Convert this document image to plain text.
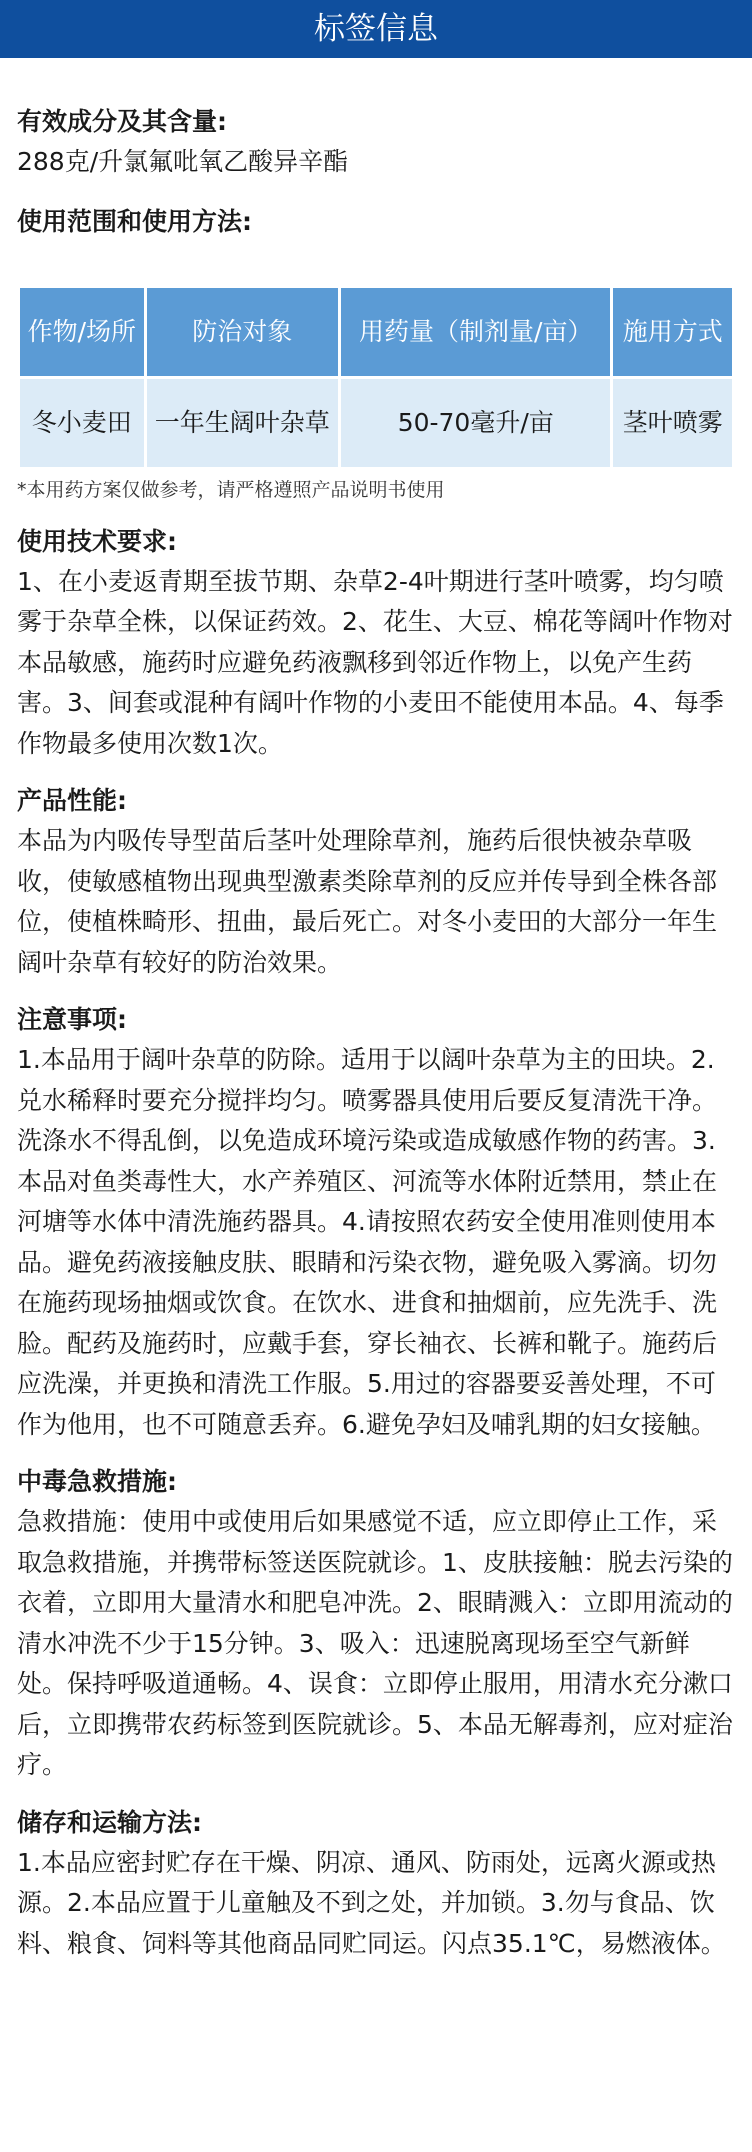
标签信息

有效成分及其含量:

288克/升氯氟吡氧乙酸异辛酯

使用范围和使用方法:

作物/场所	防治对象	用药量（制剂量/亩）	施用方式
冬小麦田	一年生阔叶杂草	50-70毫升/亩	茎叶喷雾
*本用药方案仅做参考，请严格遵照产品说明书使用

使用技术要求:

1、在小麦返青期至拔节期、杂草2-4叶期进行茎叶喷雾，均匀喷雾于杂草全株，以保证药效。2、花生、大豆、棉花等阔叶作物对本品敏感，施药时应避免药液飘移到邻近作物上，以免产生药害。3、间套或混种有阔叶作物的小麦田不能使用本品。4、每季作物最多使用次数1次。

产品性能:

本品为内吸传导型苗后茎叶处理除草剂，施药后很快被杂草吸收，使敏感植物出现典型激素类除草剂的反应并传导到全株各部位，使植株畸形、扭曲，最后死亡。对冬小麦田的大部分一年生阔叶杂草有较好的防治效果。

注意事项:

1.本品用于阔叶杂草的防除。适用于以阔叶杂草为主的田块。2.兑水稀释时要充分搅拌均匀。喷雾器具使用后要反复清洗干净。洗涤水不得乱倒，以免造成环境污染或造成敏感作物的药害。3.本品对鱼类毒性大，水产养殖区、河流等水体附近禁用，禁止在河塘等水体中清洗施药器具。4.请按照农药安全使用准则使用本品。避免药液接触皮肤、眼睛和污染衣物，避免吸入雾滴。切勿在施药现场抽烟或饮食。在饮水、进食和抽烟前，应先洗手、洗脸。配药及施药时，应戴手套，穿长袖衣、长裤和靴子。施药后应洗澡，并更换和清洗工作服。5.用过的容器要妥善处理，不可作为他用，也不可随意丢弃。6.避免孕妇及哺乳期的妇女接触。

中毒急救措施:

急救措施：使用中或使用后如果感觉不适，应立即停止工作，采取急救措施，并携带标签送医院就诊。1、皮肤接触：脱去污染的衣着，立即用大量清水和肥皂冲洗。2、眼睛溅入：立即用流动的清水冲洗不少于15分钟。3、吸入：迅速脱离现场至空气新鲜处。保持呼吸道通畅。4、误食：立即停止服用，用清水充分漱口后，立即携带农药标签到医院就诊。5、本品无解毒剂，应对症治疗。

储存和运输方法:

1.本品应密封贮存在干燥、阴凉、通风、防雨处，远离火源或热源。2.本品应置于儿童触及不到之处，并加锁。3.勿与食品、饮料、粮食、饲料等其他商品同贮同运。闪点35.1℃，易燃液体。
